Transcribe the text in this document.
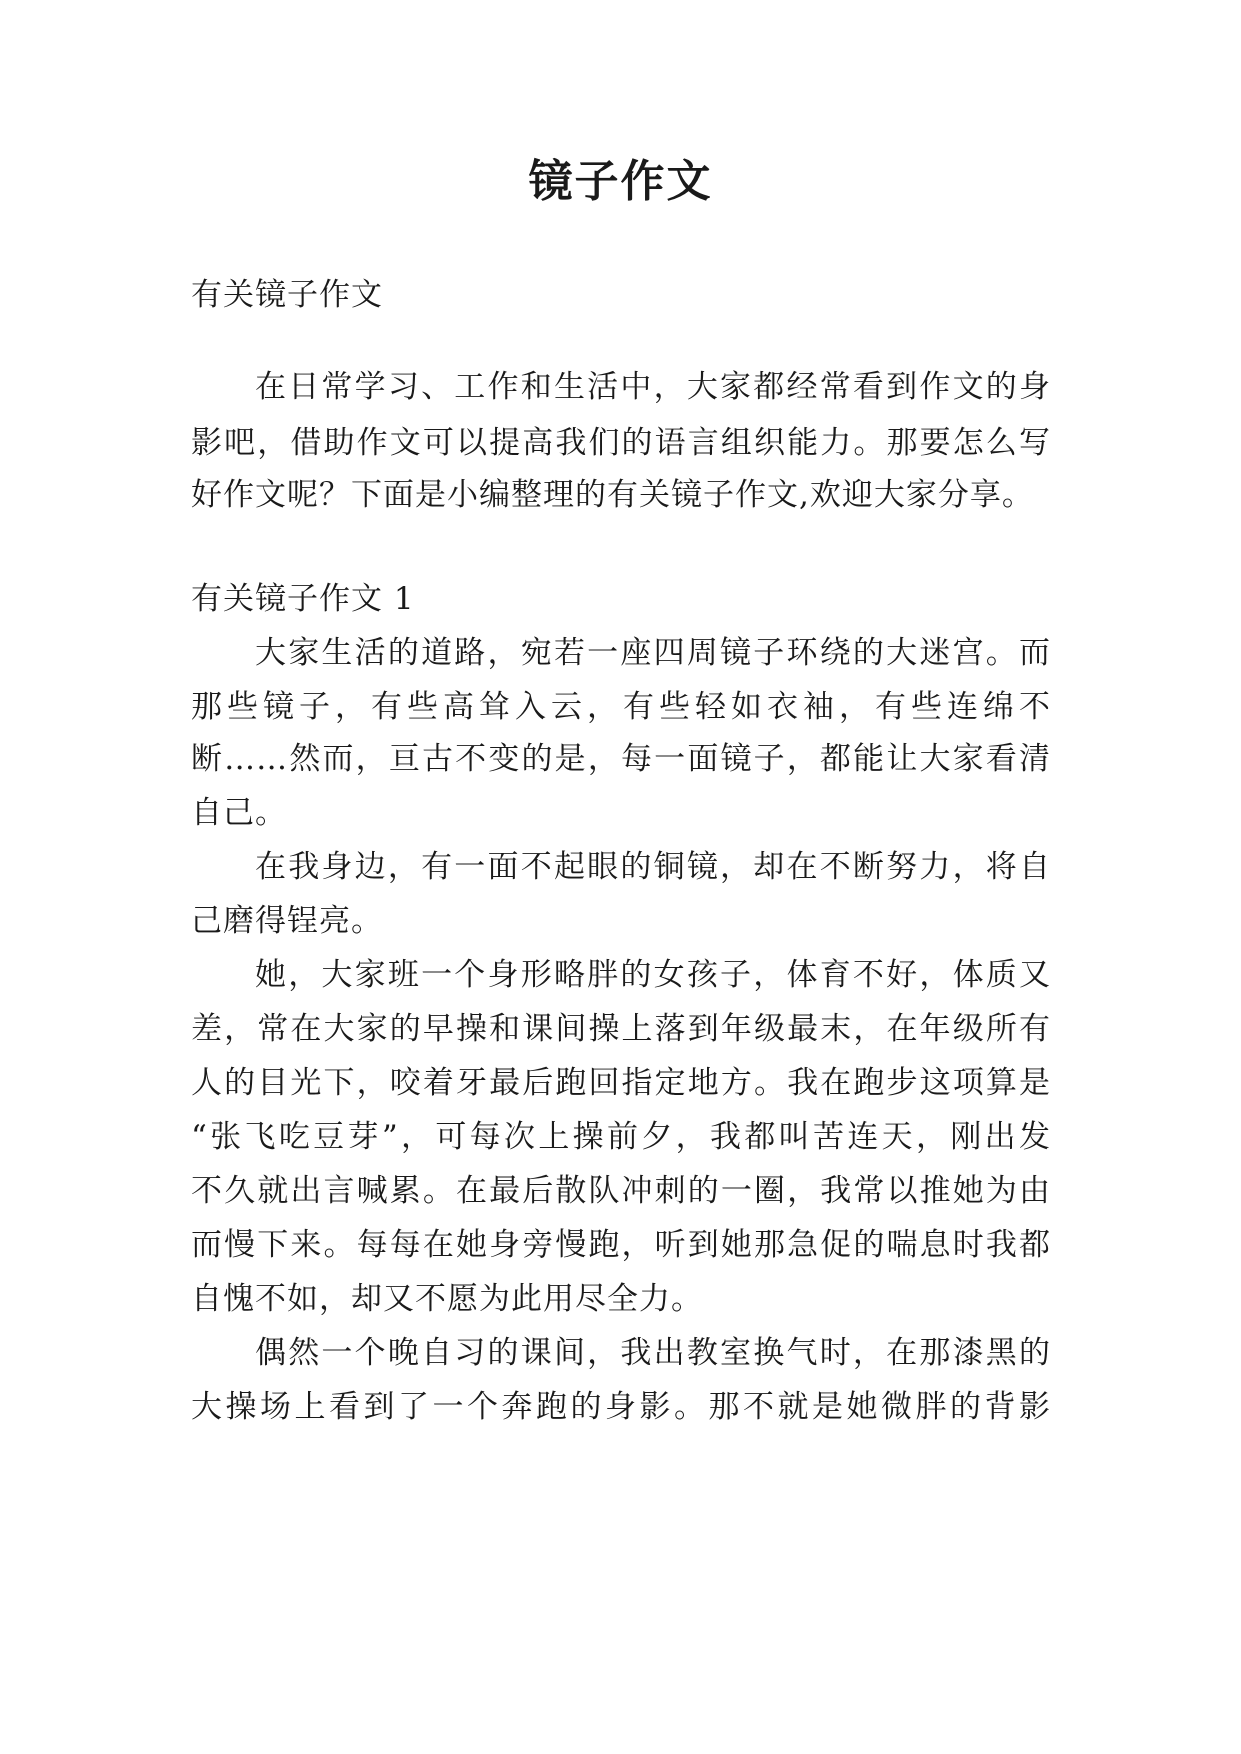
镜子作文
有关镜子作文
在日常学习、工作和生活中，大家都经常看到作文的身
影吧，借助作文可以提高我们的语言组织能力。那要怎么写
好作文呢？下面是小编整理的有关镜子作文,欢迎大家分享。
有关镜子作文 1
大家生活的道路，宛若一座四周镜子环绕的大迷宫。而
那些镜子，有些高耸入云，有些轻如衣袖，有些连绵不
断……然而，亘古不变的是，每一面镜子，都能让大家看清
自己。
在我身边，有一面不起眼的铜镜，却在不断努力，将自
己磨得锃亮。
她，大家班一个身形略胖的女孩子，体育不好，体质又
差，常在大家的早操和课间操上落到年级最末，在年级所有
人的目光下，咬着牙最后跑回指定地方。我在跑步这项算是
“张飞吃豆芽”，可每次上操前夕，我都叫苦连天，刚出发
不久就出言喊累。在最后散队冲刺的一圈，我常以推她为由
而慢下来。每每在她身旁慢跑，听到她那急促的喘息时我都
自愧不如，却又不愿为此用尽全力。
偶然一个晚自习的课间，我出教室换气时，在那漆黑的
大操场上看到了一个奔跑的身影。那不就是她微胖的背影
